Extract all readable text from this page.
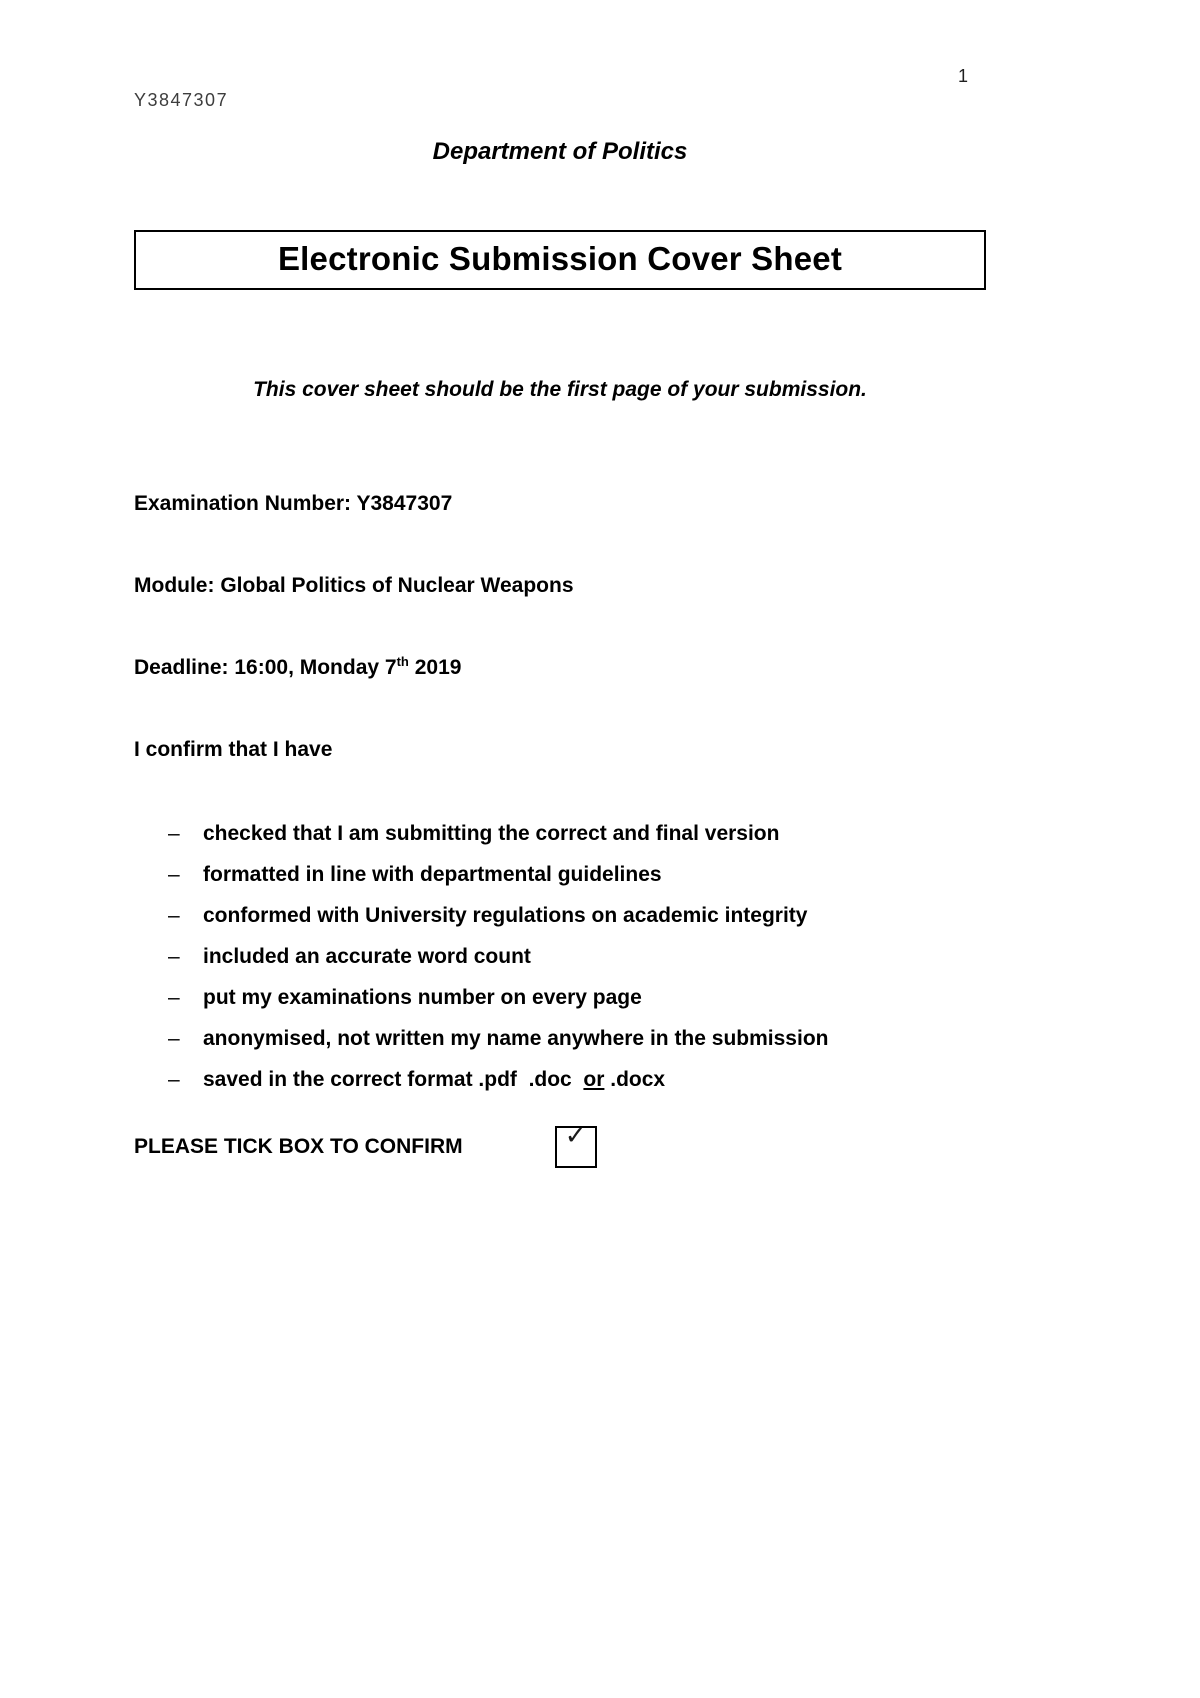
1
Y3847307
Department of Politics
Electronic Submission Cover Sheet
This cover sheet should be the first page of your submission.

Examination Number: Y3847307

Module: Global Politics of Nuclear Weapons

Deadline: 16:00, Monday 7th 2019

I confirm that I have

–	checked that I am submitting the correct and final version
–	formatted in line with departmental guidelines
–	conformed with University regulations on academic integrity
–	included an accurate word count
–	put my examinations number on every page
–	anonymised, not written my name anywhere in the submission
–	saved in the correct format .pdf  .doc  or .docx
PLEASE TICK BOX TO CONFIRM	✓
